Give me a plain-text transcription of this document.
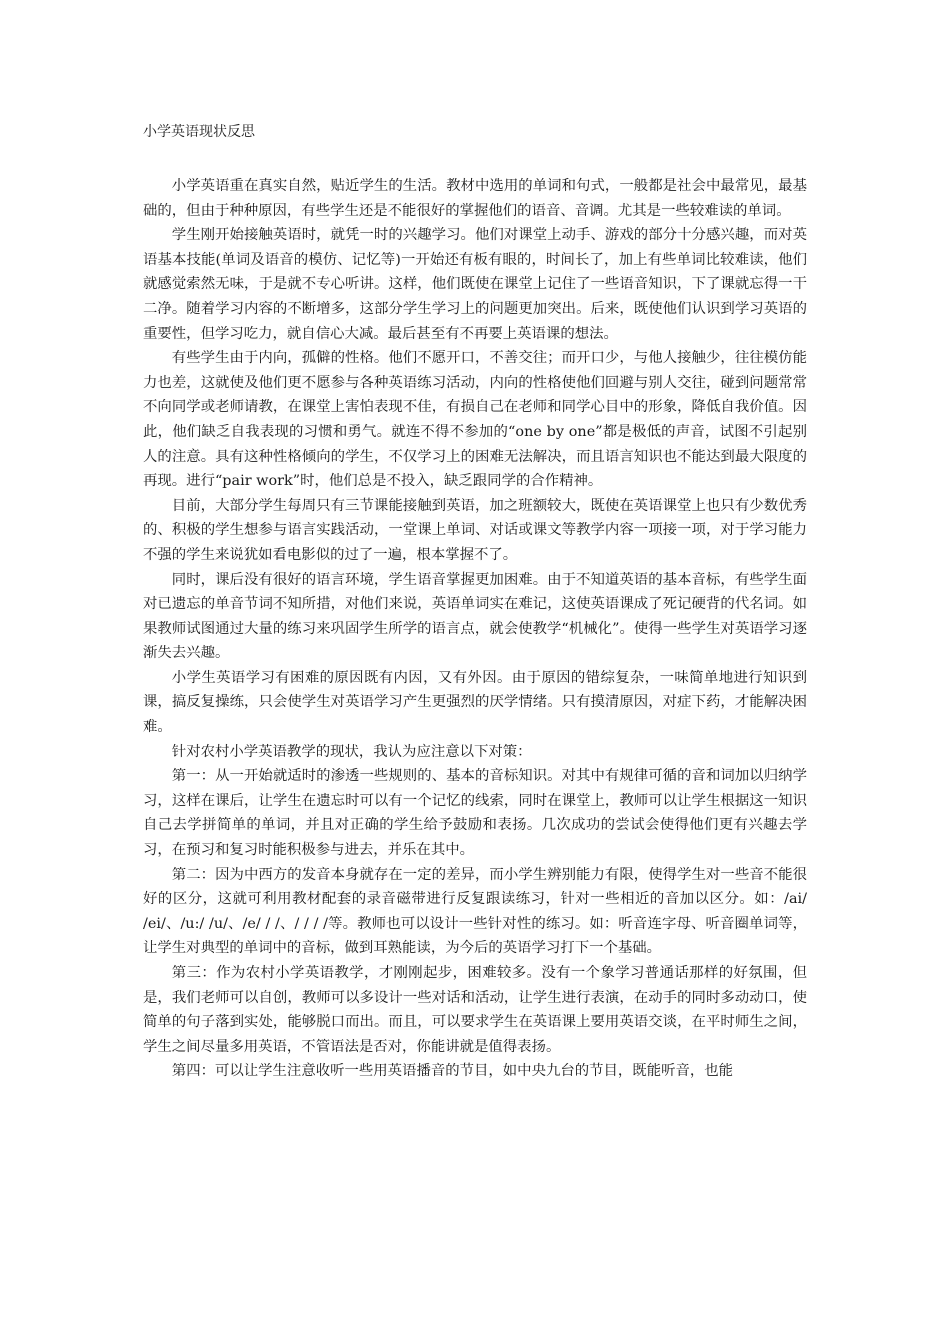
小学英语现状反思

小学英语重在真实自然，贴近学生的生活。教材中选用的单词和句式，一般都是社会中最常见，最基础的，但由于种种原因，有些学生还是不能很好的掌握他们的语音、音调。尤其是一些较难读的单词。

学生刚开始接触英语时，就凭一时的兴趣学习。他们对课堂上动手、游戏的部分十分感兴趣，而对英语基本技能(单词及语音的模仿、记忆等)一开始还有板有眼的，时间长了，加上有些单词比较难读，他们就感觉索然无味，于是就不专心听讲。这样，他们既使在课堂上记住了一些语音知识，下了课就忘得一干二净。随着学习内容的不断增多，这部分学生学习上的问题更加突出。后来，既使他们认识到学习英语的重要性，但学习吃力，就自信心大减。最后甚至有不再要上英语课的想法。

有些学生由于内向，孤僻的性格。他们不愿开口，不善交往；而开口少，与他人接触少，往往模仿能力也差，这就使及他们更不愿参与各种英语练习活动，内向的性格使他们回避与别人交往，碰到问题常常不向同学或老师请教，在课堂上害怕表现不佳，有损自己在老师和同学心目中的形象，降低自我价值。因此，他们缺乏自我表现的习惯和勇气。就连不得不参加的“one by one”都是极低的声音，试图不引起别人的注意。具有这种性格倾向的学生，不仅学习上的困难无法解决，而且语言知识也不能达到最大限度的再现。进行“pair work”时，他们总是不投入，缺乏跟同学的合作精神。

目前，大部分学生每周只有三节课能接触到英语，加之班额较大，既使在英语课堂上也只有少数优秀的、积极的学生想参与语言实践活动，一堂课上单词、对话或课文等教学内容一项接一项，对于学习能力不强的学生来说犹如看电影似的过了一遍，根本掌握不了。

同时，课后没有很好的语言环境，学生语音掌握更加困难。由于不知道英语的基本音标，有些学生面对已遗忘的单音节词不知所措，对他们来说，英语单词实在难记，这使英语课成了死记硬背的代名词。如果教师试图通过大量的练习来巩固学生所学的语言点，就会使教学“机械化”。使得一些学生对英语学习逐渐失去兴趣。

小学生英语学习有困难的原因既有内因，又有外因。由于原因的错综复杂，一味简单地进行知识到课，搞反复操练，只会使学生对英语学习产生更强烈的厌学情绪。只有摸清原因，对症下药，才能解决困难。

针对农村小学英语教学的现状，我认为应注意以下对策：

第一：从一开始就适时的渗透一些规则的、基本的音标知识。对其中有规律可循的音和词加以归纳学习，这样在课后，让学生在遗忘时可以有一个记忆的线索，同时在课堂上，教师可以让学生根据这一知识自己去学拼简单的单词，并且对正确的学生给予鼓励和表扬。几次成功的尝试会使得他们更有兴趣去学习，在预习和复习时能积极参与进去，并乐在其中。

第二：因为中西方的发音本身就存在一定的差异，而小学生辨别能力有限，使得学生对一些音不能很好的区分，这就可利用教材配套的录音磁带进行反复跟读练习，针对一些相近的音加以区分。如：/ai/ /ei/、/u:/ /u/、/e/ / /、/ / / /等。教师也可以设计一些针对性的练习。如：听音连字母、听音圈单词等，让学生对典型的单词中的音标，做到耳熟能读，为今后的英语学习打下一个基础。

第三：作为农村小学英语教学，才刚刚起步，困难较多。没有一个象学习普通话那样的好氛围，但是，我们老师可以自创，教师可以多设计一些对话和活动，让学生进行表演，在动手的同时多动动口，使简单的句子落到实处，能够脱口而出。而且，可以要求学生在英语课上要用英语交谈，在平时师生之间，学生之间尽量多用英语，不管语法是否对，你能讲就是值得表扬。

第四：可以让学生注意收听一些用英语播音的节目，如中央九台的节目，既能听音，也能
